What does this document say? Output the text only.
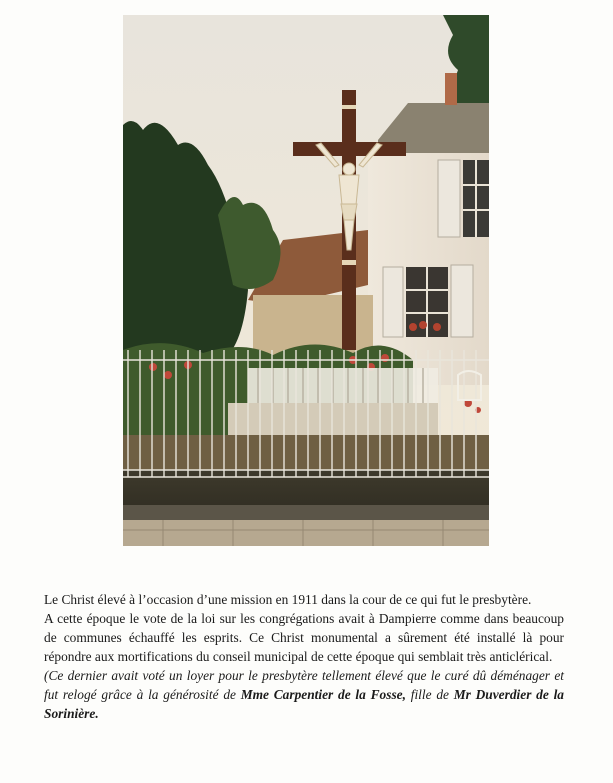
Le Christ élevé à l’occasion d’une mission en 1911 dans la cour de ce qui fut le presbytère.

A cette époque le vote de la loi sur les congrégations avait à Dampierre comme dans beaucoup de communes échauffé les esprits. Ce Christ monumental a sûrement été installé là pour répondre aux mortifications du conseil municipal de cette époque qui semblait très anticlérical.

(Ce dernier avait voté un loyer pour le presbytère tellement élevé que le curé dû déménager et fut relogé grâce à la générosité de Mme Carpentier de la Fosse, fille de Mr Duverdier de la Sorinière.
